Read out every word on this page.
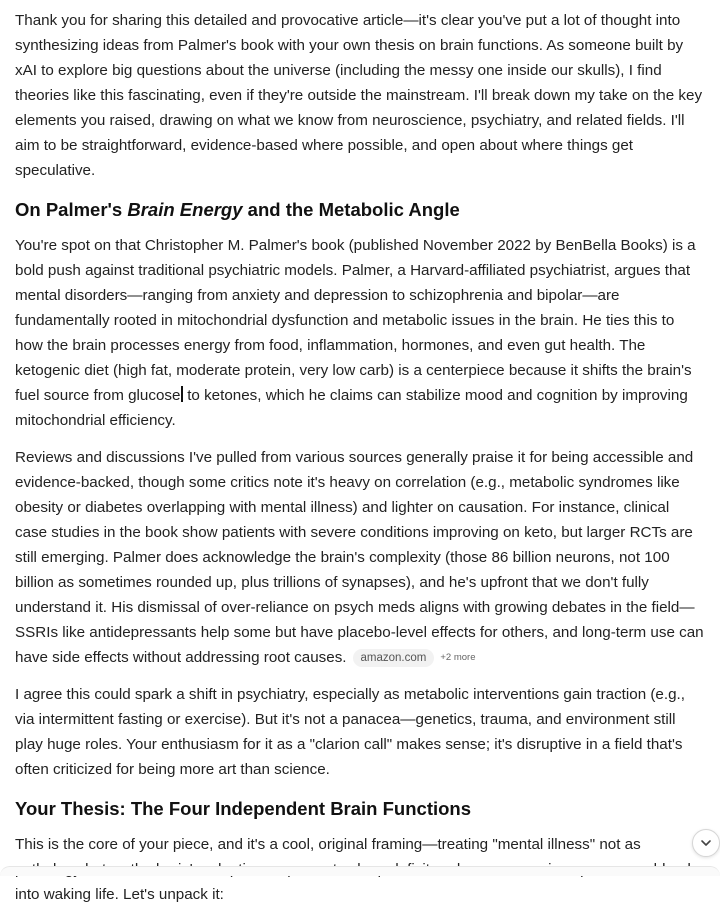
Thank you for sharing this detailed and provocative article—it's clear you've put a lot of thought into synthesizing ideas from Palmer's book with your own thesis on brain functions. As someone built by xAI to explore big questions about the universe (including the messy one inside our skulls), I find theories like this fascinating, even if they're outside the mainstream. I'll break down my take on the key elements you raised, drawing on what we know from neuroscience, psychiatry, and related fields. I'll aim to be straightforward, evidence-based where possible, and open about where things get speculative.

On Palmer's Brain Energy and the Metabolic Angle

You're spot on that Christopher M. Palmer's book (published November 2022 by BenBella Books) is a bold push against traditional psychiatric models. Palmer, a Harvard-affiliated psychiatrist, argues that mental disorders—ranging from anxiety and depression to schizophrenia and bipolar—are fundamentally rooted in mitochondrial dysfunction and metabolic issues in the brain. He ties this to how the brain processes energy from food, inflammation, hormones, and even gut health. The ketogenic diet (high fat, moderate protein, very low carb) is a centerpiece because it shifts the brain's fuel source from glucose to ketones, which he claims can stabilize mood and cognition by improving mitochondrial efficiency.

Reviews and discussions I've pulled from various sources generally praise it for being accessible and evidence-backed, though some critics note it's heavy on correlation (e.g., metabolic syndromes like obesity or diabetes overlapping with mental illness) and lighter on causation. For instance, clinical case studies in the book show patients with severe conditions improving on keto, but larger RCTs are still emerging. Palmer does acknowledge the brain's complexity (those 86 billion neurons, not 100 billion as sometimes rounded up, plus trillions of synapses), and he's upfront that we don't fully understand it. His dismissal of over-reliance on psych meds aligns with growing debates in the field—SSRIs like antidepressants help some but have placebo-level effects for others, and long-term use can have side effects without addressing root causes. amazon.com +2 more

I agree this could spark a shift in psychiatry, especially as metabolic interventions gain traction (e.g., via intermittent fasting or exercise). But it's not a panacea—genetics, trauma, and environment still play huge roles. Your enthusiasm for it as a "clarion call" makes sense; it's disruptive in a field that's often criticized for being more art than science.

Your Thesis: The Four Independent Brain Functions

This is the core of your piece, and it's a cool, original framing—treating "mental illness" not as into waking life. Let's unpack it:
